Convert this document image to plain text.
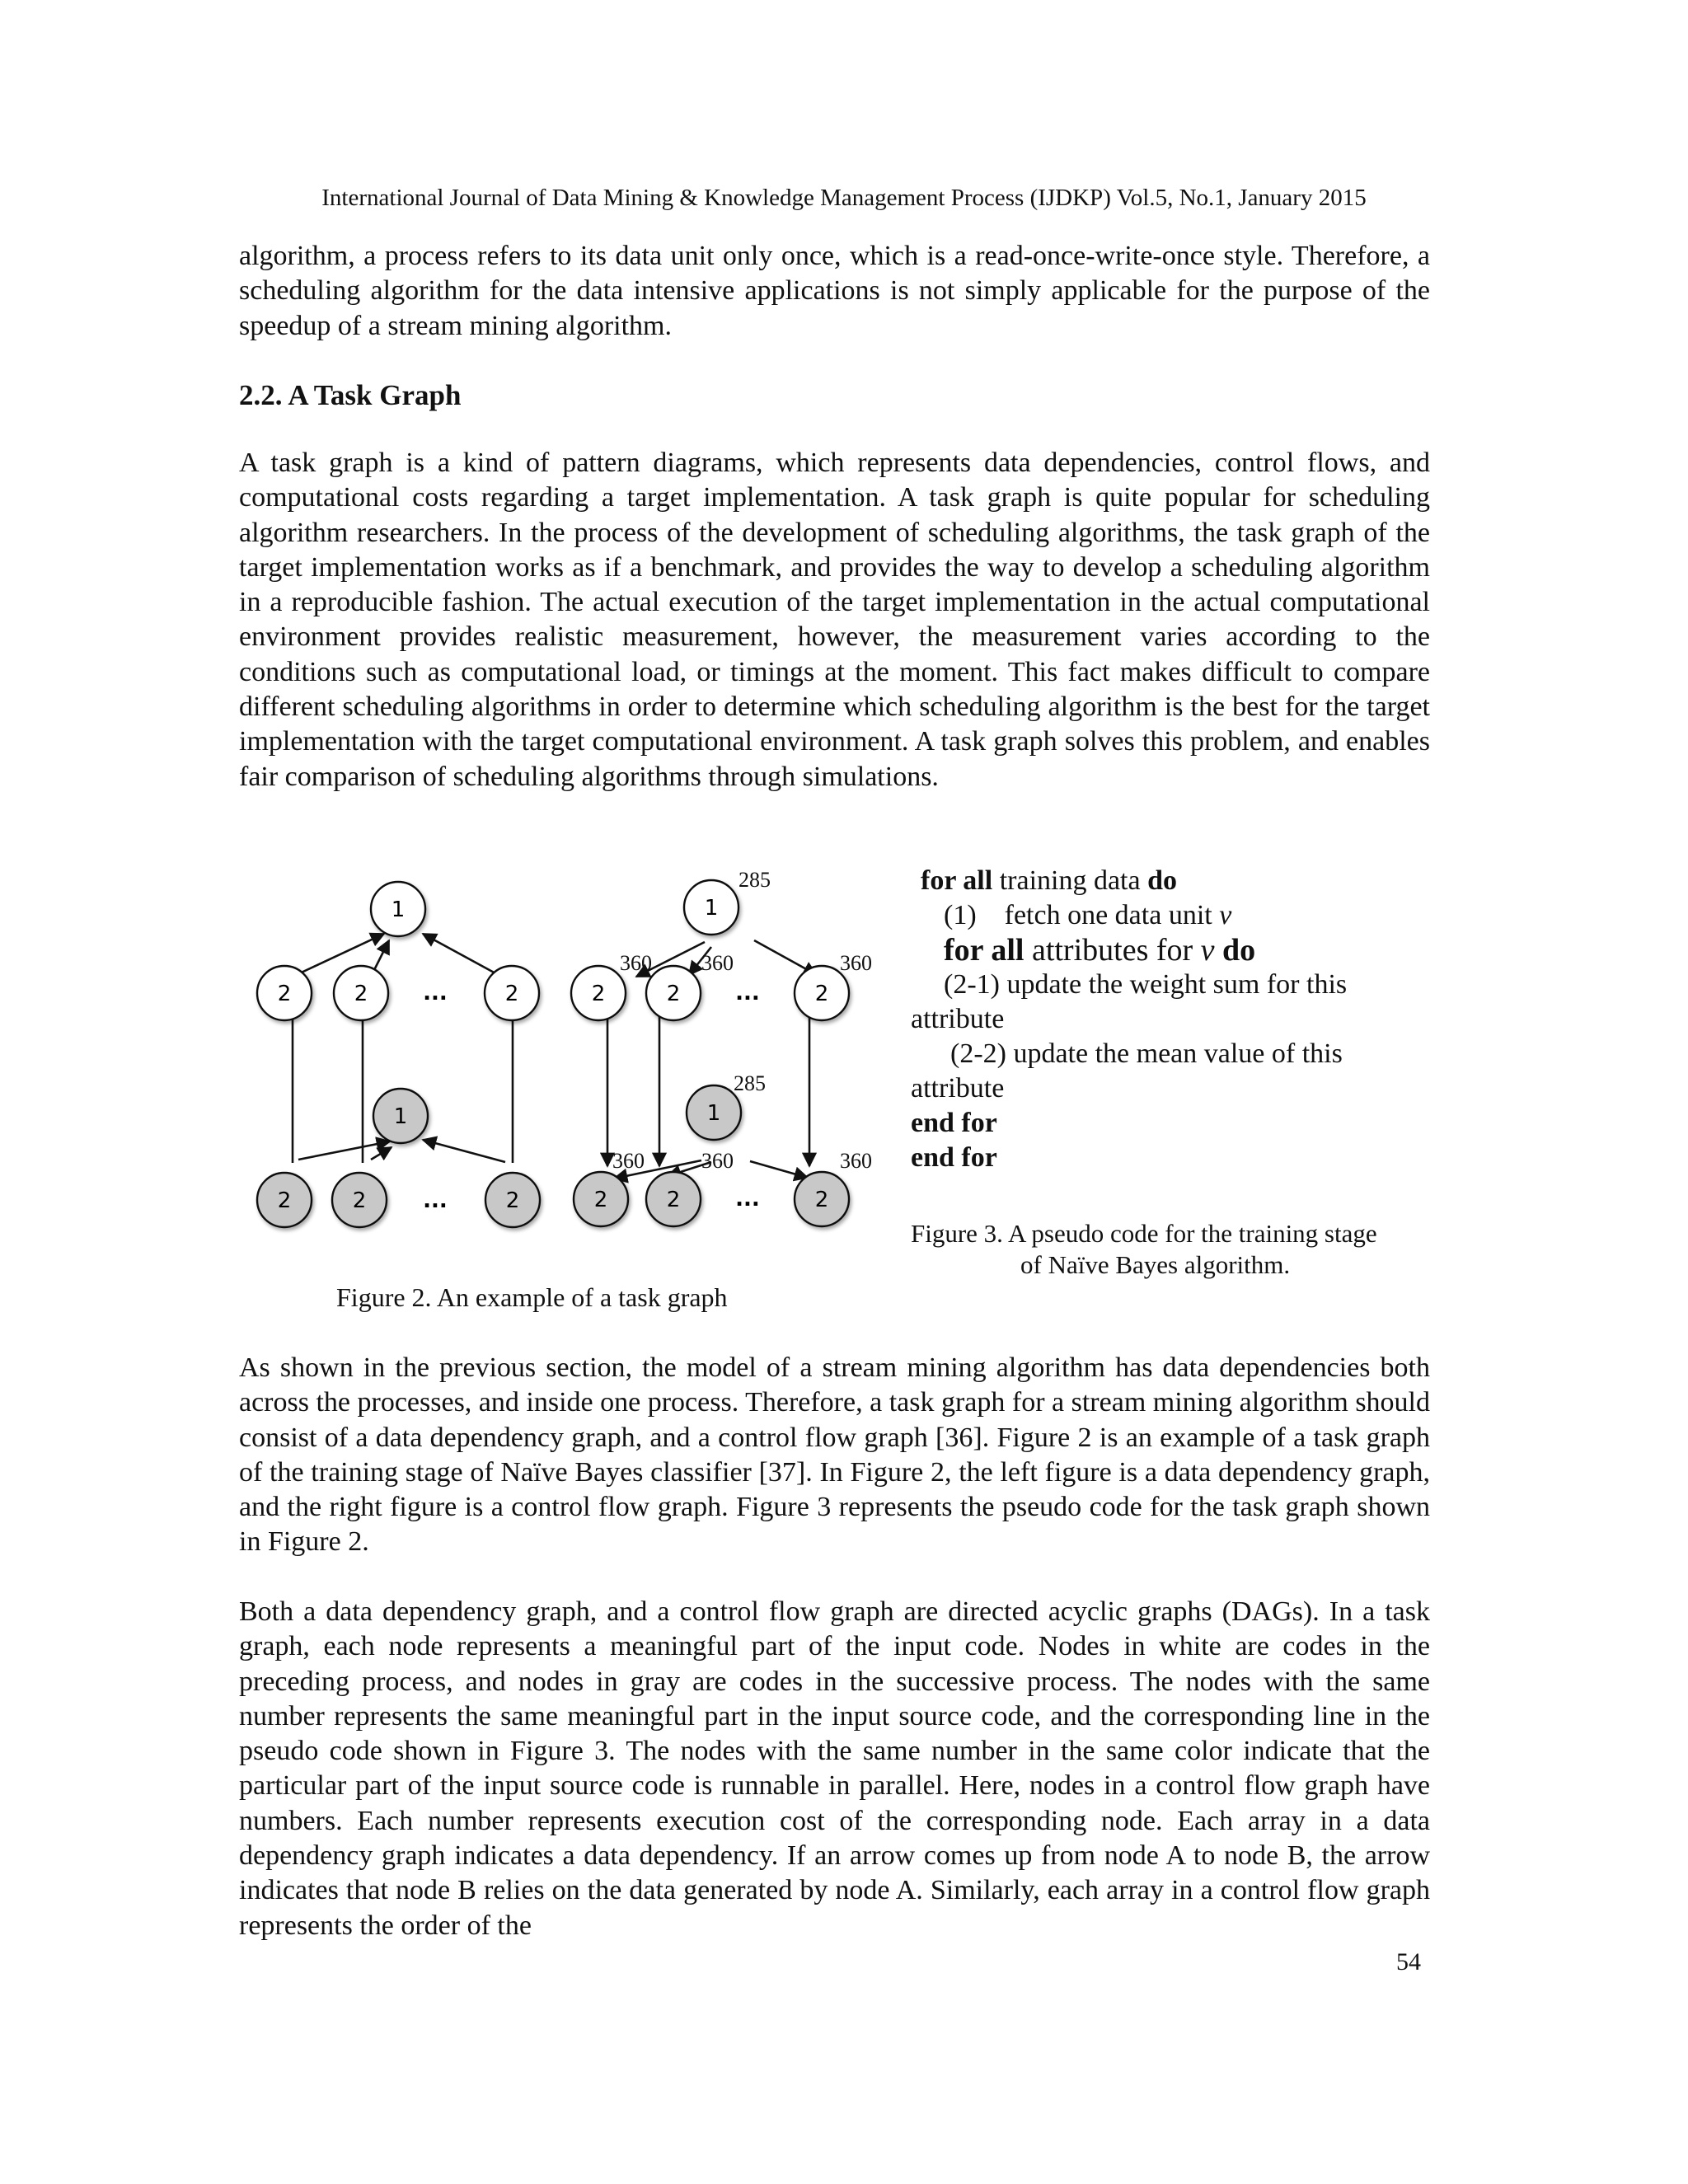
International Journal of Data Mining & Knowledge Management Process (IJDKP) Vol.5, No.1, January 2015

algorithm, a process refers to its data unit only once, which is a read-once-write-once style. Therefore, a scheduling algorithm for the data intensive applications is not simply applicable for the purpose of the speedup of a stream mining algorithm.

2.2. A Task Graph

A task graph is a kind of pattern diagrams, which represents data dependencies, control flows, and computational costs regarding a target implementation. A task graph is quite popular for scheduling algorithm researchers. In the process of the development of scheduling algorithms, the task graph of the target implementation works as if a benchmark, and provides the way to develop a scheduling algorithm in a reproducible fashion. The actual execution of the target implementation in the actual computational environment provides realistic measurement, however, the measurement varies according to the conditions such as computational load, or timings at the moment. This fact makes difficult to compare different scheduling algorithms in order to determine which scheduling algorithm is the best for the target implementation with the target computational environment. A task graph solves this problem, and enables fair comparison of scheduling algorithms through simulations.

1
2	2	...	2
1
2	2	...	2
1
2	2	...	2
1
2	2	...	2
285
360 360	360
285
360	360	360
Figure 2. An example of a task graph
for all training data do
(1)    fetch one data unit v
for all attributes for v do
(2-1) update the weight sum for this
attribute
(2-2) update the mean value of this
attribute
end for
end for
Figure 3. A pseudo code for the training stage
of Naïve Bayes algorithm.

As shown in the previous section, the model of a stream mining algorithm has data dependencies both across the processes, and inside one process. Therefore, a task graph for a stream mining algorithm should consist of a data dependency graph, and a control flow graph [36]. Figure 2 is an example of a task graph of the training stage of Naïve Bayes classifier [37]. In Figure 2, the left figure is a data dependency graph, and the right figure is a control flow graph. Figure 3 represents the pseudo code for the task graph shown in Figure 2.

Both a data dependency graph, and a control flow graph are directed acyclic graphs (DAGs). In a task graph, each node represents a meaningful part of the input code. Nodes in white are codes in the preceding process, and nodes in gray are codes in the successive process. The nodes with the same number represents the same meaningful part in the input source code, and the corresponding line in the pseudo code shown in Figure 3. The nodes with the same number in the same color indicate that the particular part of the input source code is runnable in parallel. Here, nodes in a control flow graph have numbers. Each number represents execution cost of the corresponding node. Each array in a data dependency graph indicates a data dependency. If an arrow comes up from node A to node B, the arrow indicates that node B relies on the data generated by node A. Similarly, each array in a control flow graph represents the order of the

54
